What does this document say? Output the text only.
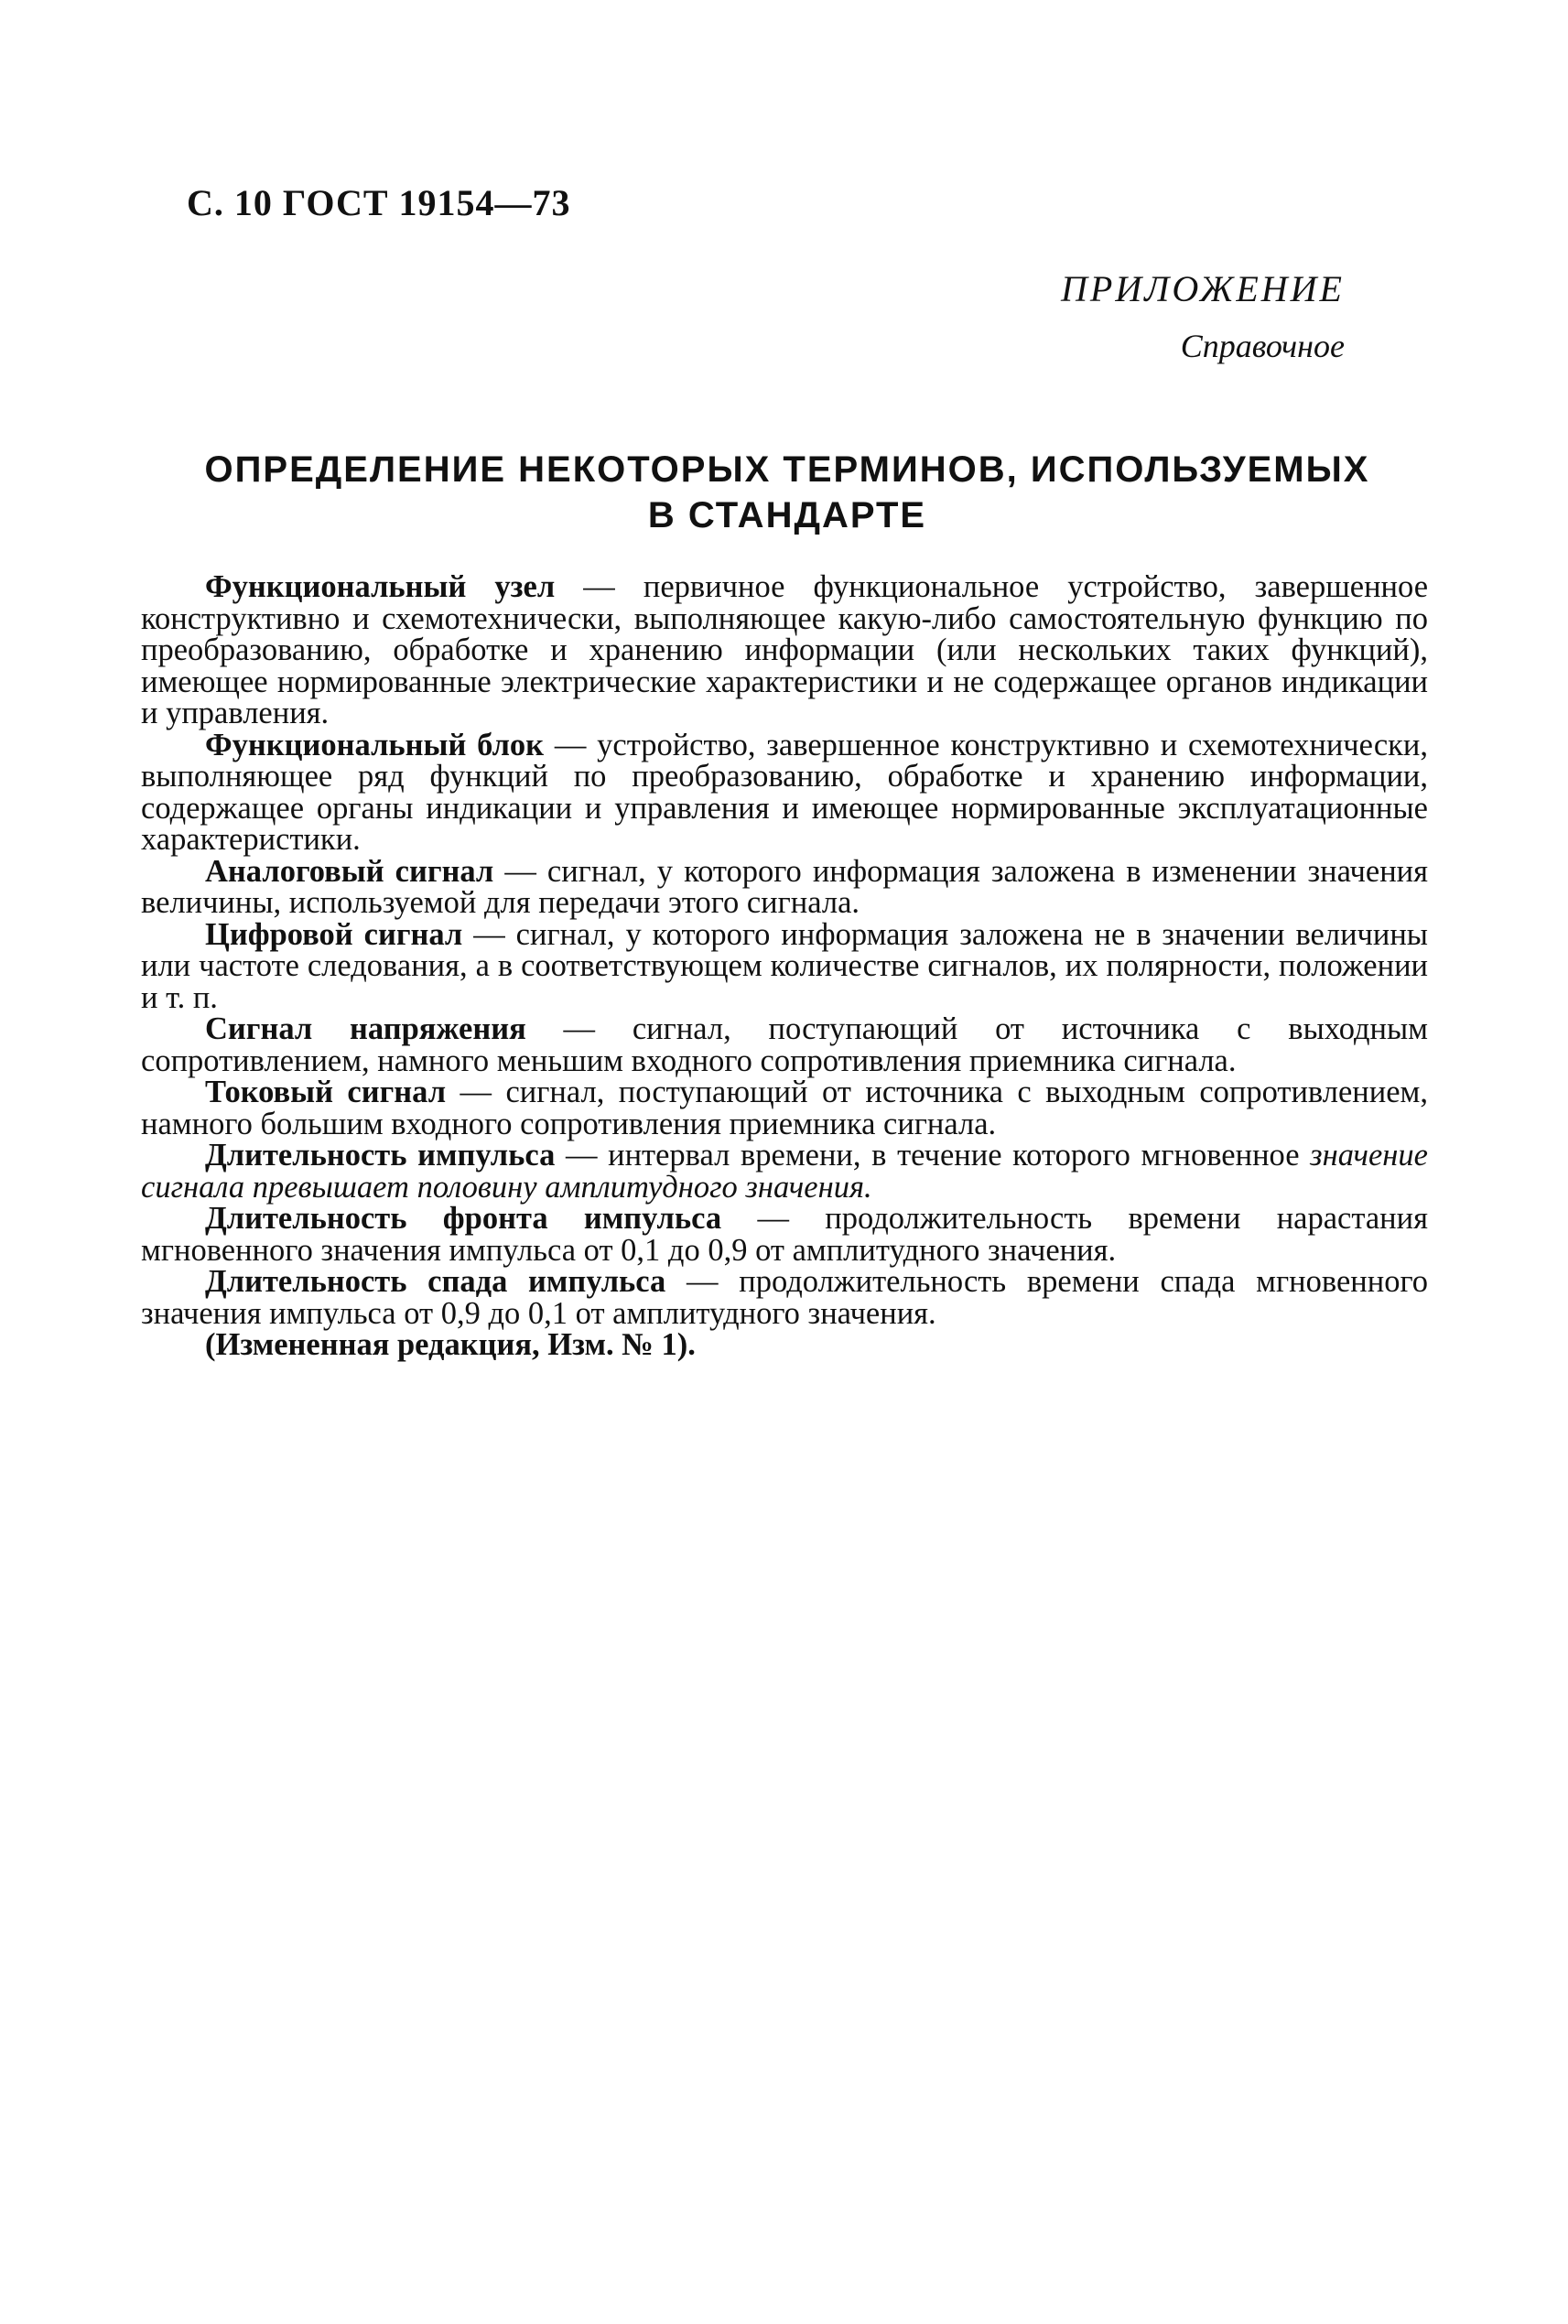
С. 10 ГОСТ 19154—73
ПРИЛОЖЕНИЕ
Справочное
ОПРЕДЕЛЕНИЕ НЕКОТОРЫХ ТЕРМИНОВ, ИСПОЛЬЗУЕМЫХ
В СТАНДАРТЕ

Функциональный узел — первичное функциональное устройство, завершенное конструктивно и схемотехнически, выполняющее какую-либо самостоятельную функцию по преобразованию, обработке и хранению информации (или нескольких таких функций), имеющее нормированные электрические характеристики и не содержащее органов индикации и управления.

Функциональный блок — устройство, завершенное конструктивно и схемотехнически, выполняющее ряд функций по преобразованию, обработке и хранению информации, содержащее органы индикации и управления и имеющее нормированные эксплуатационные характеристики.

Аналоговый сигнал — сигнал, у которого информация заложена в изменении значения величины, используемой для передачи этого сигнала.

Цифровой сигнал — сигнал, у которого информация заложена не в значении величины или частоте следования, а в соответствующем количестве сигналов, их полярности, положении и т. п.

Сигнал напряжения — сигнал, поступающий от источника с выходным сопротивлением, намного меньшим входного сопротивления приемника сигнала.

Токовый сигнал — сигнал, поступающий от источника с выходным сопротивлением, намного большим входного сопротивления приемника сигнала.

Длительность импульса — интервал времени, в течение которого мгновенное значение сигнала превышает половину амплитудного значения.

Длительность фронта импульса — продолжительность времени нарастания мгновенного значения импульса от 0,1 до 0,9 от амплитудного значения.

Длительность спада импульса — продолжительность времени спада мгновенного значения импульса от 0,9 до 0,1 от амплитудного значения.

(Измененная редакция, Изм. № 1).
